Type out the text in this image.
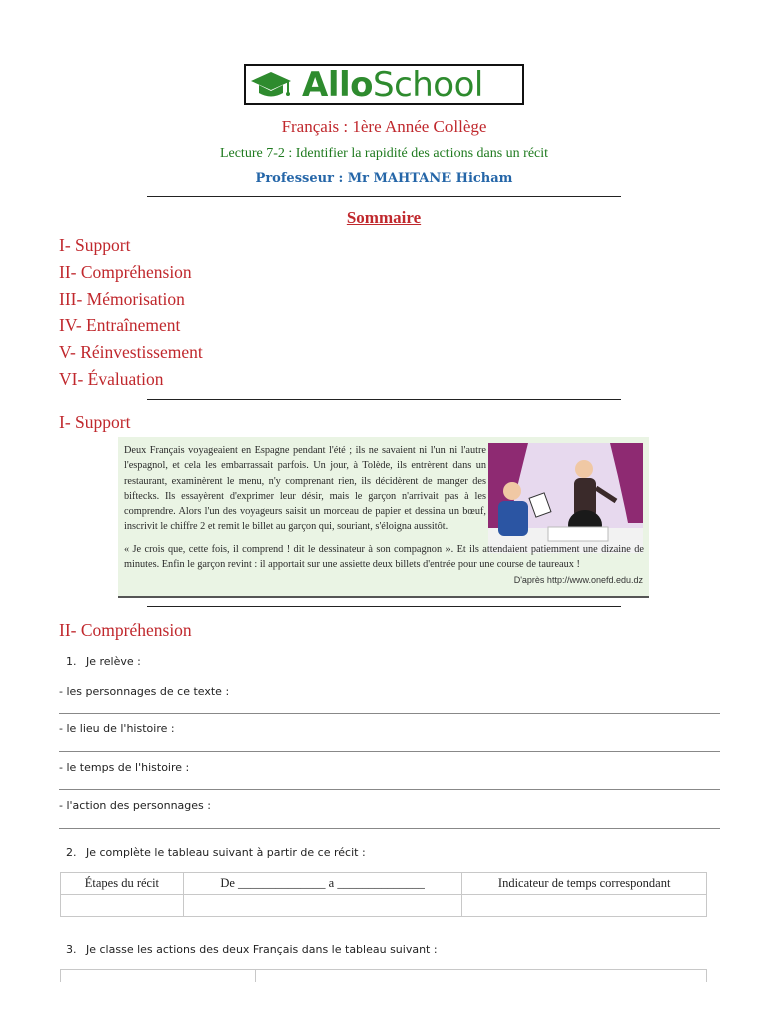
AlloSchool
Français : 1ère Année Collège
Lecture 7-2 : Identifier la rapidité des actions dans un récit
Professeur : Mr MAHTANE Hicham
Sommaire
I- Support
II- Compréhension
III- Mémorisation
IV- Entraînement
V- Réinvestissement
VI- Évaluation
I- Support
Deux Français voyageaient en Espagne pendant l'été ; ils ne savaient ni l'un ni l'autre l'espagnol, et cela les embarrassait parfois. Un jour, à Tolède, ils entrèrent dans un restaurant, examinèrent le menu, n'y comprenant rien, ils décidèrent de manger des biftecks. Ils essayèrent d'exprimer leur désir, mais le garçon n'arrivait pas à les comprendre. Alors l'un des voyageurs saisit un morceau de papier et dessina un bœuf, inscrivit le chiffre 2 et remit le billet au garçon qui, souriant, s'éloigna aussitôt.
« Je crois que, cette fois, il comprend ! dit le dessinateur à son compagnon ». Et ils attendaient patiemment une dizaine de minutes. Enfin le garçon revint : il apportait sur une assiette deux billets d'entrée pour une course de taureaux !
D'après http://www.onefd.edu.dz
II- Compréhension
1. Je relève :
- les personnages de ce texte :
- le lieu de l'histoire :
- le temps de l'histoire :
- l'action des personnages :
2. Je complète le tableau suivant à partir de ce récit :
Étapes du récit	De ______________ a ______________	Indicateur de temps correspondant

3. Je classe les actions des deux Français dans le tableau suivant :
